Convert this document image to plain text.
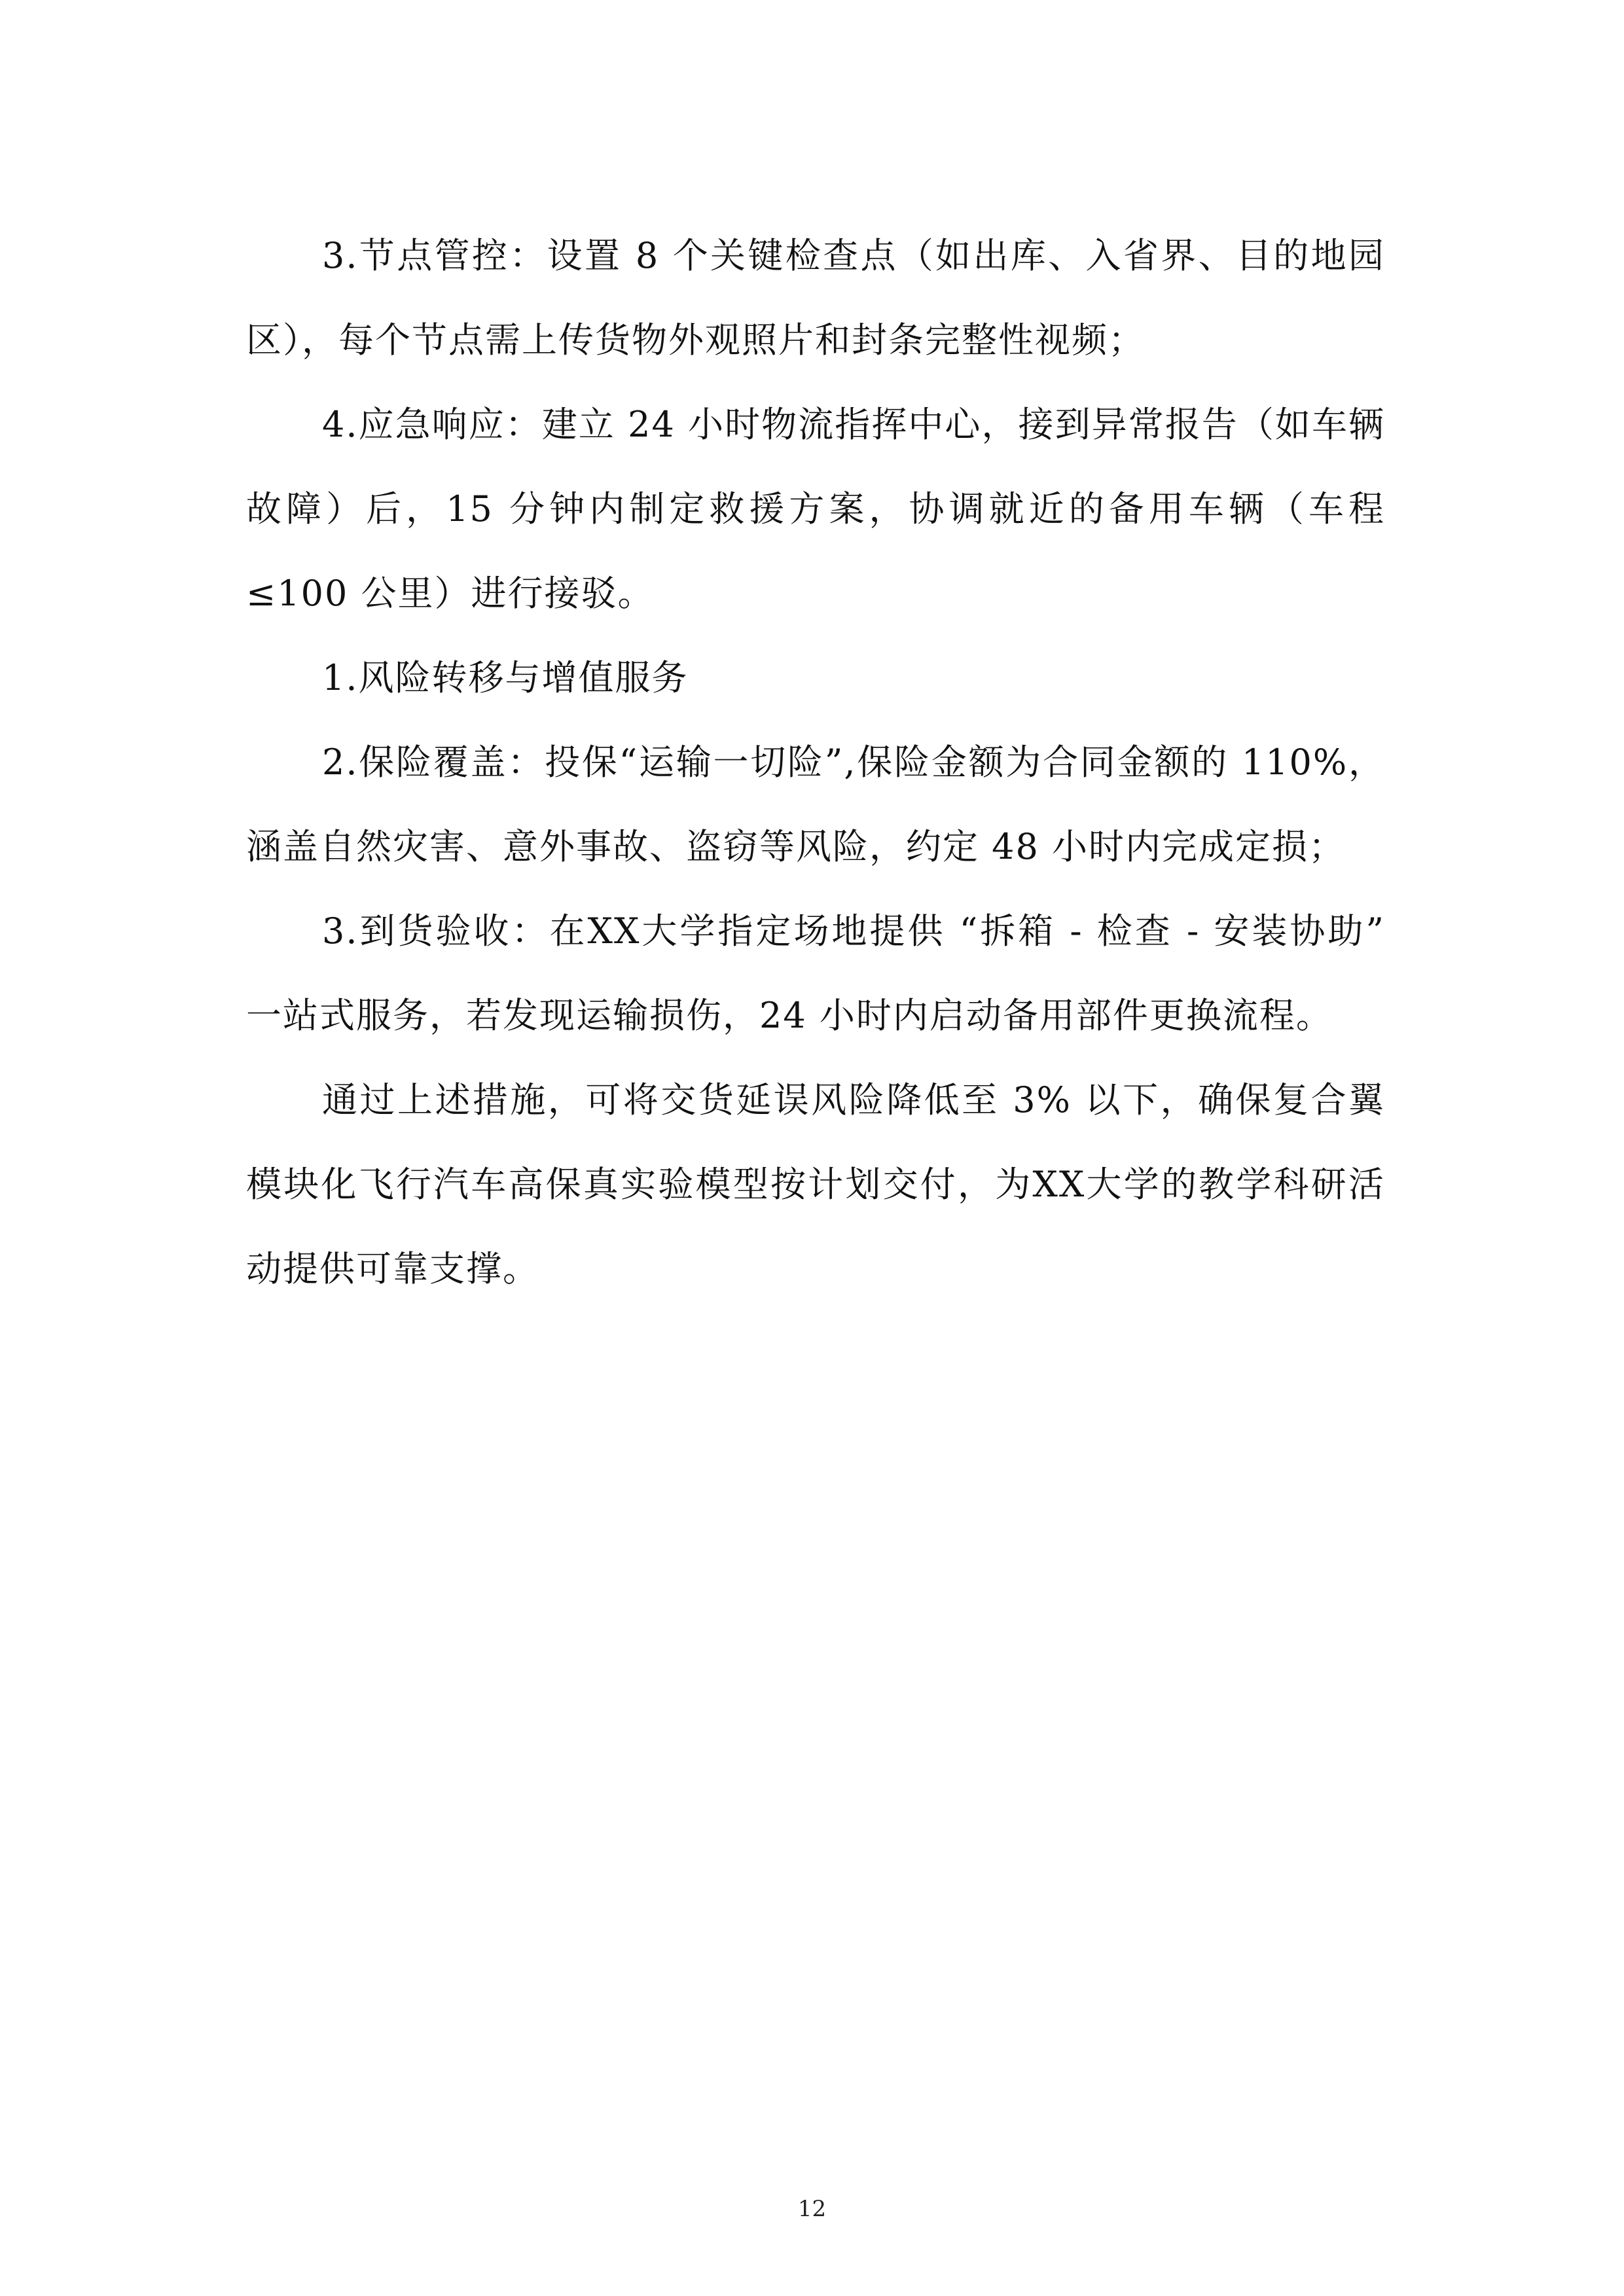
3.节点管控：设置 8 个关键检查点（如出库、入省界、目的地园区），每个节点需上传货物外观照片和封条完整性视频；

4.应急响应：建立 24 小时物流指挥中心，接到异常报告（如车辆故障）后，15 分钟内制定救援方案，协调就近的备用车辆（车程≤100 公里）进行接驳。

1.风险转移与增值服务

2.保险覆盖：投保“运输一切险”,保险金额为合同金额的 110%，涵盖自然灾害、意外事故、盗窃等风险，约定 48 小时内完成定损；

3.到货验收：在XX大学指定场地提供 “拆箱 - 检查 - 安装协助” 一站式服务，若发现运输损伤，24 小时内启动备用部件更换流程。

通过上述措施，可将交货延误风险降低至 3% 以下，确保复合翼模块化飞行汽车高保真实验模型按计划交付，为XX大学的教学科研活动提供可靠支撑。

12
